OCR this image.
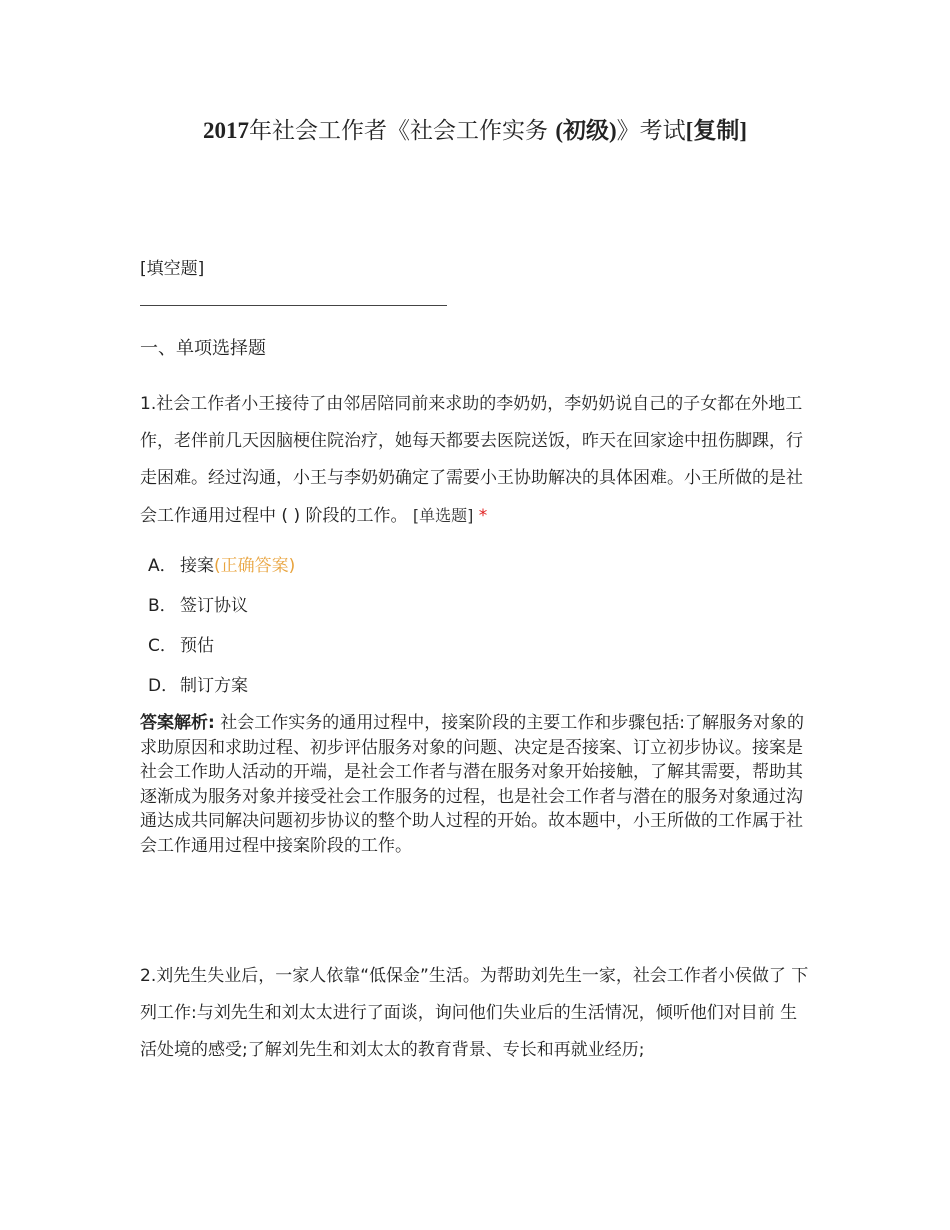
2017年社会工作者《社会工作实务 (初级)》考试[复制]
[填空题]
一、单项选择题
1.社会工作者小王接待了由邻居陪同前来求助的李奶奶，李奶奶说自己的子女都在外地工 作，老伴前几天因脑梗住院治疗，她每天都要去医院送饭，昨天在回家途中扭伤脚踝，行 走困难。经过沟通，小王与李奶奶确定了需要小王协助解决的具体困难。小王所做的是社会工作通用过程中 ( ) 阶段的工作。 [单选题] *
A． 接案 (正确答案)
B． 签订协议
C． 预估
D． 制订方案
答案解析: 社会工作实务的通用过程中，接案阶段的主要工作和步骤包括:了解服务对象的 求助原因和求助过程、初步评估服务对象的问题、决定是否接案、订立初步协议。接案是 社会工作助人活动的开端，是社会工作者与潜在服务对象开始接触，了解其需要，帮助其 逐渐成为服务对象并接受社会工作服务的过程，也是社会工作者与潜在的服务对象通过沟 通达成共同解决问题初步协议的整个助人过程的开始。故本题中，小王所做的工作属于社 会工作通用过程中接案阶段的工作。
2.刘先生失业后，一家人依靠“低保金”生活。为帮助刘先生一家，社会工作者小侯做了 下列工作:与刘先生和刘太太进行了面谈，询问他们失业后的生活情况，倾听他们对目前 生活处境的感受;了解刘先生和刘太太的教育背景、专长和再就业经历;
